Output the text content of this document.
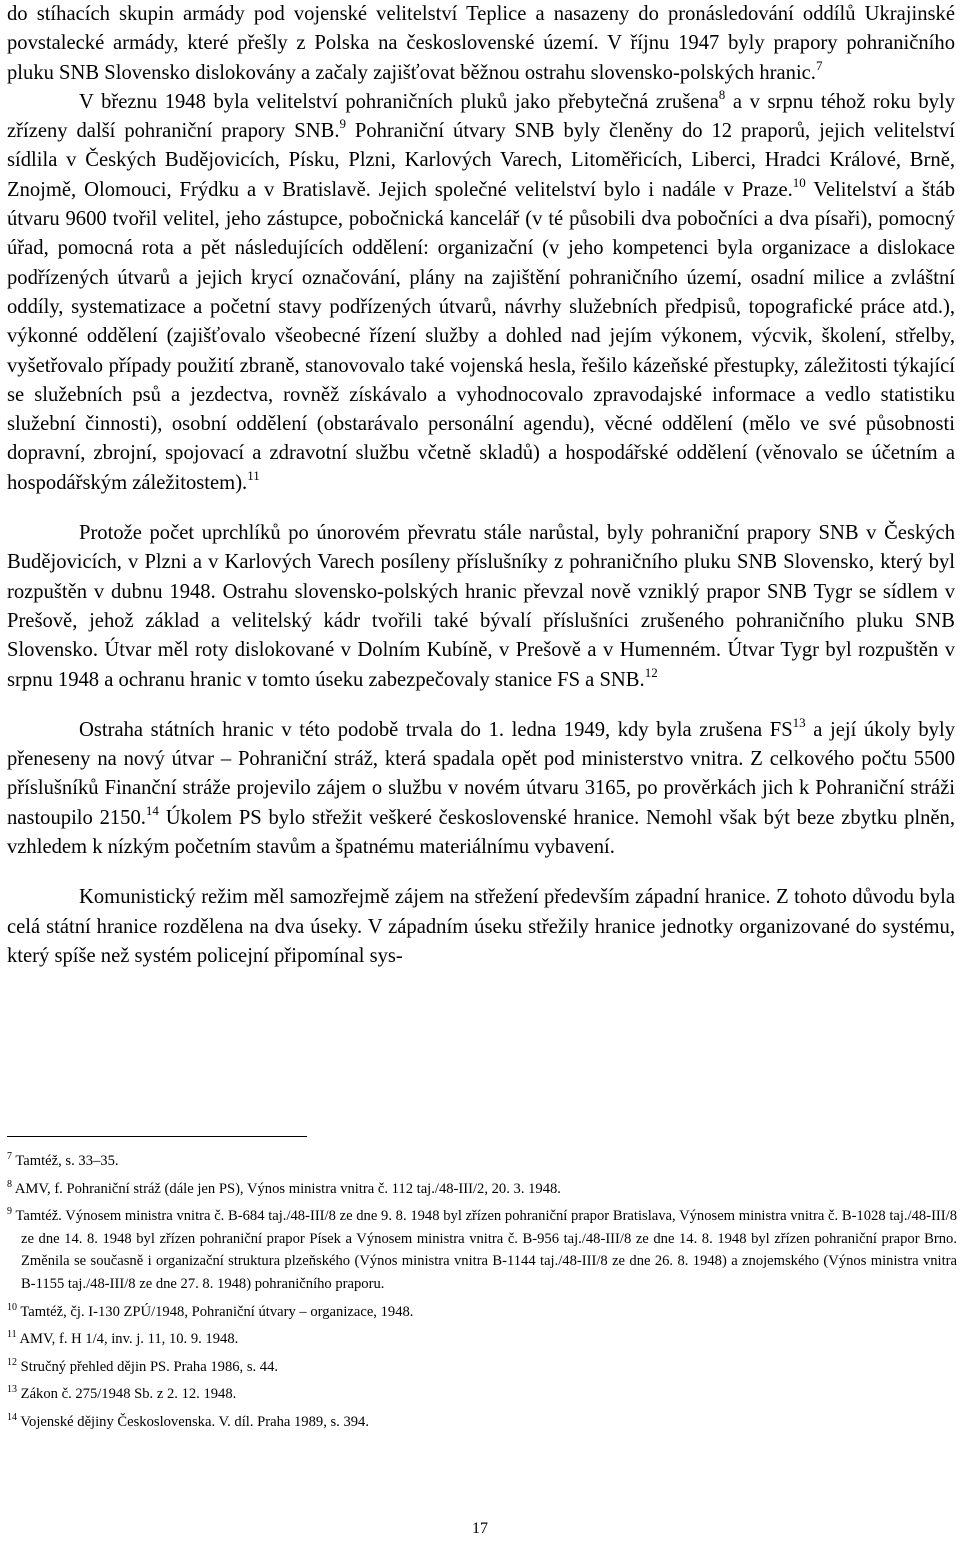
do stíhacích skupin armády pod vojenské velitelství Teplice a nasazeny do pronásledování oddílů Ukrajinské povstalecké armády, které přešly z Polska na československé území. V říjnu 1947 byly prapory pohraničního pluku SNB Slovensko dislokovány a začaly zajišťovat běžnou ostrahu slovensko-polských hranic.$^7$

V březnu 1948 byla velitelství pohraničních pluků jako přebytečná zrušena$^8$ a v srpnu téhož roku byly zřízeny další pohraniční prapory SNB.$^9$ Pohraniční útvary SNB byly členěny do 12 praporů, jejich velitelství sídlila v Českých Budějovicích, Písku, Plzni, Karlových Varech, Litoměřicích, Liberci, Hradci Králové, Brně, Znojmě, Olomouci, Frýdku a v Bratislavě. Jejich společné velitelství bylo i nadále v Praze.$^{10}$ Velitelství a štáb útvaru 9600 tvořil velitel, jeho zástupce, pobočnická kancelář (v té působili dva pobočníci a dva písaři), pomocný úřad, pomocná rota a pět následujících oddělení: organizační (v jeho kompetenci byla organizace a dislokace podřízených útvarů a jejich krycí označování, plány na zajištění pohraničního území, osadní milice a zvláštní oddíly, systematizace a početní stavy podřízených útvarů, návrhy služebních předpisů, topografické práce atd.), výkonné oddělení (zajišťovalo všeobecné řízení služby a dohled nad jejím výkonem, výcvik, školení, střelby, vyšetřovalo případy použití zbraně, stanovovalo také vojenská hesla, řešilo kázeňské přestupky, záležitosti týkající se služebních psů a jezdectva, rovněž získávalo a vyhodnocovalo zpravodajské informace a vedlo statistiku služební činnosti), osobní oddělení (obstarávalo personální agendu), věcné oddělení (mělo ve své působnosti dopravní, zbrojní, spojovací a zdravotní službu včetně skladů) a hospodářské oddělení (věnovalo se účetním a hospodářským záležitostem).$^{11}$

Protože počet uprchlíků po únorovém převratu stále narůstal, byly pohraniční prapory SNB v Českých Budějovicích, v Plzni a v Karlových Varech posíleny příslušníky z pohraničního pluku SNB Slovensko, který byl rozpuštěn v dubnu 1948. Ostrahu slovensko-polských hranic převzal nově vzniklý prapor SNB Tygr se sídlem v Prešově, jehož základ a velitelský kádr tvořili také bývalí příslušníci zrušeného pohraničního pluku SNB Slovensko. Útvar měl roty dislokované v Dolním Kubíně, v Prešově a v Humenném. Útvar Tygr byl rozpuštěn v srpnu 1948 a ochranu hranic v tomto úseku zabezpečovaly stanice FS a SNB.$^{12}$

Ostraha státních hranic v této podobě trvala do 1. ledna 1949, kdy byla zrušena FS$^{13}$ a její úkoly byly přeneseny na nový útvar – Pohraniční stráž, která spadala opět pod ministerstvo vnitra. Z celkového počtu 5500 příslušníků Finanční stráže projevilo zájem o službu v novém útvaru 3165, po prověrkách jich k Pohraniční stráži nastoupilo 2150.14 Úkolem PS bylo střežit veškeré československé hranice. Nemohl však být beze zbytku plněn, vzhledem k nízkým početním stavům a špatnému materiálnímu vybavení.

Komunistický režim měl samozřejmě zájem na střežení především západní hranice. Z tohoto důvodu byla celá státní hranice rozdělena na dva úseky. V západním úseku střežily hranice jednotky organizované do systému, který spíše než systém policejní připomínal sys-

$^7$ Tamtéž, s. 33–35.

$^8$ AMV, f. Pohraniční stráž (dále jen PS), Výnos ministra vnitra č. 112 taj./48-III/2, 20. 3. 1948.

$^9$ Tamtéž. Výnosem ministra vnitra č. B-684 taj./48-III/8 ze dne 9. 8. 1948 byl zřízen pohraniční prapor Bratislava, Výnosem ministra vnitra č. B-1028 taj./48-III/8 ze dne 14. 8. 1948 byl zřízen pohraniční prapor Písek a Výnosem ministra vnitra č. B-956 taj./48-III/8 ze dne 14. 8. 1948 byl zřízen pohraniční prapor Brno. Změnila se současně i organizační struktura plzeňského (Výnos ministra vnitra B-1144 taj./48-III/8 ze dne 26. 8. 1948) a znojemského (Výnos ministra vnitra B-1155 taj./48-III/8 ze dne 27. 8. 1948) pohraničního praporu.

$^{10}$ Tamtéž, čj. I-130 ZPÚ/1948, Pohraniční útvary – organizace, 1948.

$^{11}$ AMV, f. H 1/4, inv. j. 11, 10. 9. 1948.

$^{12}$ Stručný přehled dějin PS. Praha 1986, s. 44.

$^{13}$ Zákon č. 275/1948 Sb. z 2. 12. 1948.

$^{14}$ Vojenské dějiny Československa. V. díl. Praha 1989, s. 394.

17
